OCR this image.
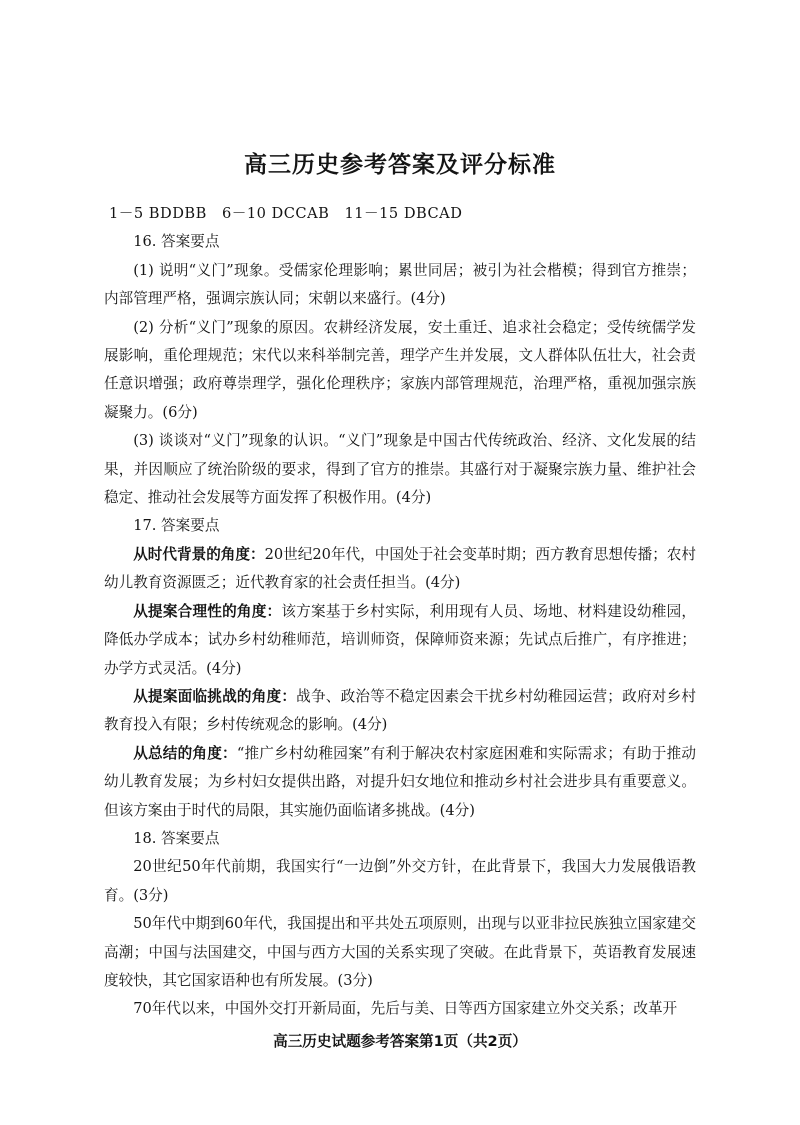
高三历史参考答案及评分标准

1－5 BDDBB　6－10 DCCAB　11－15 DBCAD

16. 答案要点

(1) 说明“义门”现象。受儒家伦理影响；累世同居；被引为社会楷模；得到官方推崇；内部管理严格，强调宗族认同；宋朝以来盛行。(4分)

(2) 分析“义门”现象的原因。农耕经济发展，安土重迁、追求社会稳定；受传统儒学发展影响，重伦理规范；宋代以来科举制完善，理学产生并发展，文人群体队伍壮大，社会责任意识增强；政府尊崇理学，强化伦理秩序；家族内部管理规范，治理严格，重视加强宗族凝聚力。(6分)

(3) 谈谈对“义门”现象的认识。“义门”现象是中国古代传统政治、经济、文化发展的结果，并因顺应了统治阶级的要求，得到了官方的推崇。其盛行对于凝聚宗族力量、维护社会稳定、推动社会发展等方面发挥了积极作用。(4分)

17. 答案要点

从时代背景的角度：20世纪20年代，中国处于社会变革时期；西方教育思想传播；农村幼儿教育资源匮乏；近代教育家的社会责任担当。(4分)

从提案合理性的角度：该方案基于乡村实际，利用现有人员、场地、材料建设幼稚园，降低办学成本；试办乡村幼稚师范，培训师资，保障师资来源；先试点后推广，有序推进；办学方式灵活。(4分)

从提案面临挑战的角度：战争、政治等不稳定因素会干扰乡村幼稚园运营；政府对乡村教育投入有限；乡村传统观念的影响。(4分)

从总结的角度：“推广乡村幼稚园案”有利于解决农村家庭困难和实际需求；有助于推动幼儿教育发展；为乡村妇女提供出路，对提升妇女地位和推动乡村社会进步具有重要意义。但该方案由于时代的局限，其实施仍面临诸多挑战。(4分)

18. 答案要点

20世纪50年代前期，我国实行“一边倒”外交方针，在此背景下，我国大力发展俄语教育。(3分)

50年代中期到60年代，我国提出和平共处五项原则，出现与以亚非拉民族独立国家建交高潮；中国与法国建交，中国与西方大国的关系实现了突破。在此背景下，英语教育发展速度较快，其它国家语种也有所发展。(3分)

70年代以来，中国外交打开新局面，先后与美、日等西方国家建立外交关系；改革开

高三历史试题参考答案第1页（共2页）
